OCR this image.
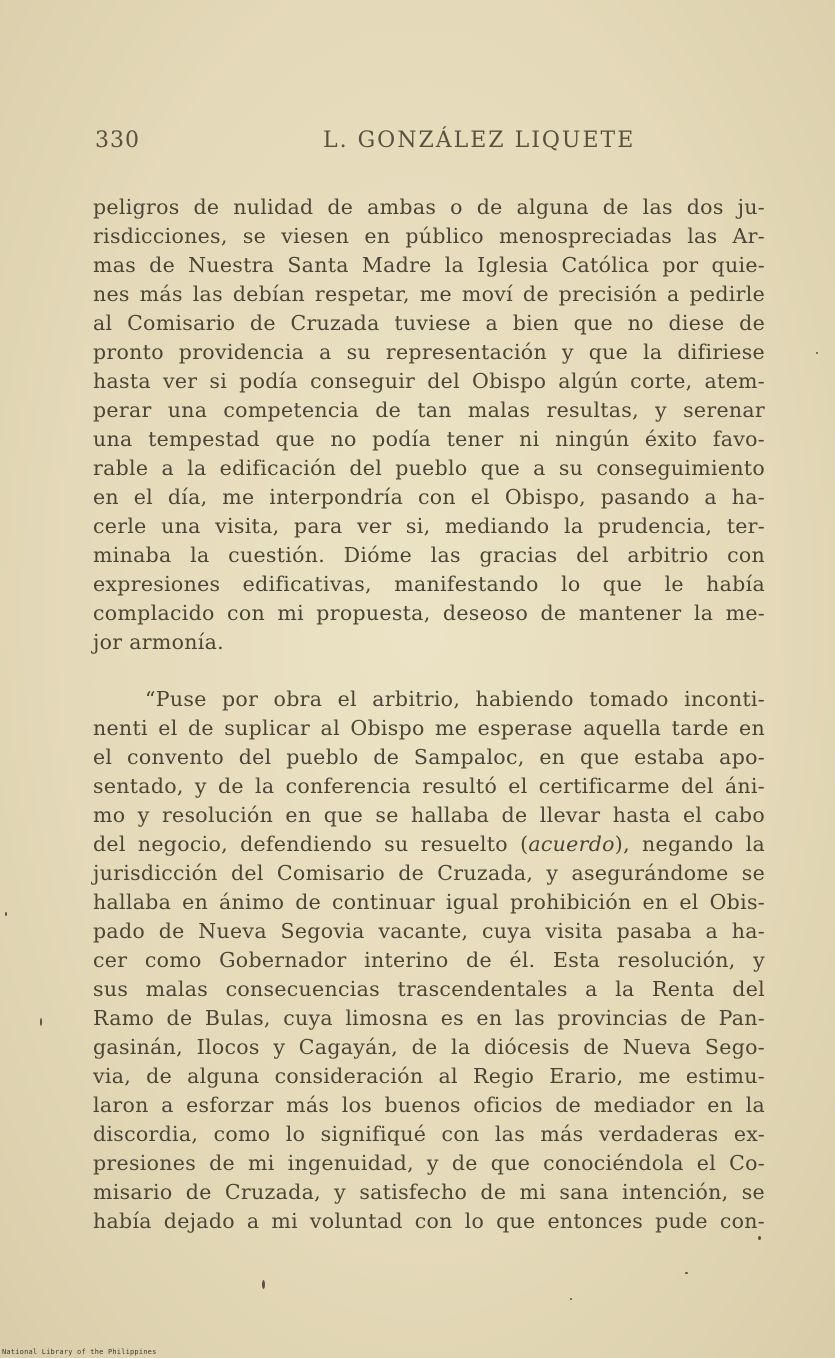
330	L. GONZÁLEZ LIQUETE
peligros de nulidad de ambas o de alguna de las dos ju-
risdicciones, se viesen en público menospreciadas las Ar-
mas de Nuestra Santa Madre la Iglesia Católica por quie-
nes más las debían respetar, me moví de precisión a pedirle
al Comisario de Cruzada tuviese a bien que no diese de
pronto providencia a su representación y que la difiriese
hasta ver si podía conseguir del Obispo algún corte, atem-
perar una competencia de tan malas resultas, y serenar
una tempestad que no podía tener ni ningún éxito favo-
rable a la edificación del pueblo que a su conseguimiento
en el día, me interpondría con el Obispo, pasando a ha-
cerle una visita, para ver si, mediando la prudencia, ter-
minaba la cuestión. Dióme las gracias del arbitrio con
expresiones edificativas, manifestando lo que le había
complacido con mi propuesta, deseoso de mantener la me-
jor armonía.
“Puse por obra el arbitrio, habiendo tomado inconti-
nenti el de suplicar al Obispo me esperase aquella tarde en
el convento del pueblo de Sampaloc, en que estaba apo-
sentado, y de la conferencia resultó el certificarme del áni-
mo y resolución en que se hallaba de llevar hasta el cabo
del negocio, defendiendo su resuelto (acuerdo), negando la
jurisdicción del Comisario de Cruzada, y asegurándome se
hallaba en ánimo de continuar igual prohibición en el Obis-
pado de Nueva Segovia vacante, cuya visita pasaba a ha-
cer como Gobernador interino de él. Esta resolución, y
sus malas consecuencias trascendentales a la Renta del
Ramo de Bulas, cuya limosna es en las provincias de Pan-
gasinán, Ilocos y Cagayán, de la diócesis de Nueva Sego-
via, de alguna consideración al Regio Erario, me estimu-
laron a esforzar más los buenos oficios de mediador en la
discordia, como lo signifiqué con las más verdaderas ex-
presiones de mi ingenuidad, y de que conociéndola el Co-
misario de Cruzada, y satisfecho de mi sana intención, se
había dejado a mi voluntad con lo que entonces pude con-
National Library of the Philippines
